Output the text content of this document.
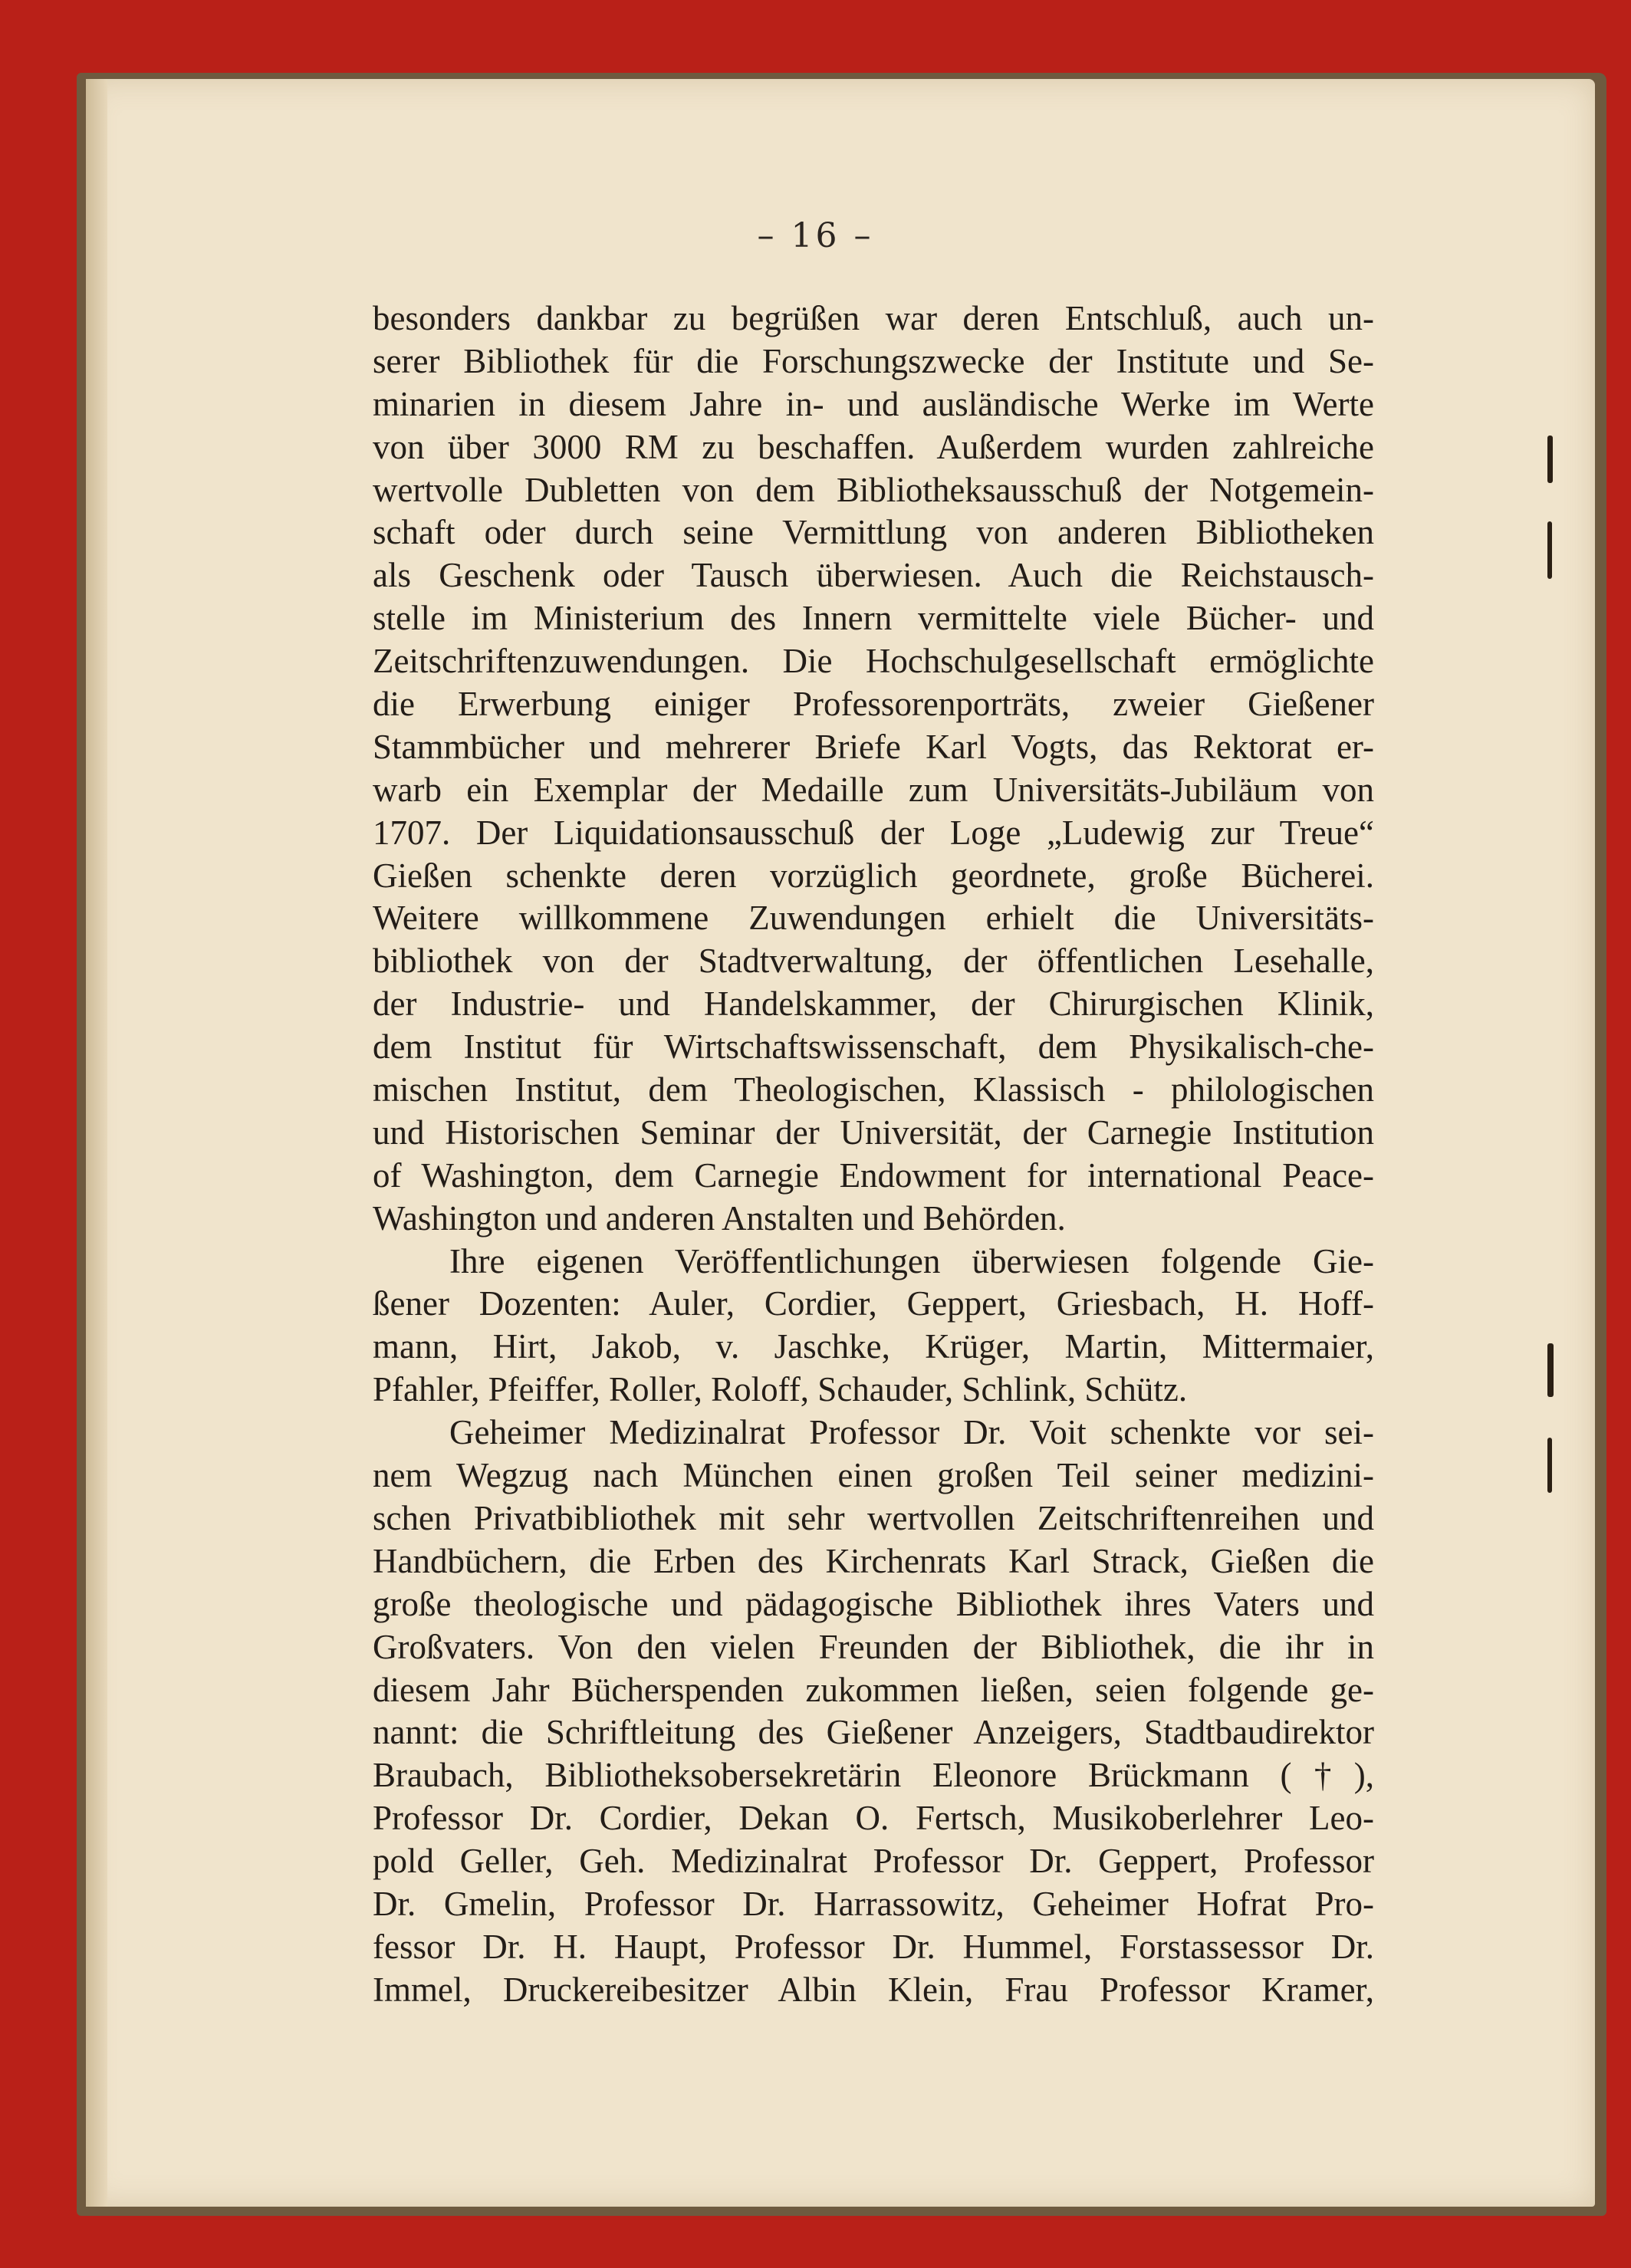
– 16 –
besonders dankbar zu begrüßen war deren Entschluß, auch un-
serer Bibliothek für die Forschungszwecke der Institute und Se-
minarien in diesem Jahre in- und ausländische Werke im Werte
von über 3000 RM zu beschaffen. Außerdem wurden zahlreiche
wertvolle Dubletten von dem Bibliotheksausschuß der Notgemein-
schaft oder durch seine Vermittlung von anderen Bibliotheken
als Geschenk oder Tausch überwiesen. Auch die Reichstausch-
stelle im Ministerium des Innern vermittelte viele Bücher- und
Zeitschriftenzuwendungen. Die Hochschulgesellschaft ermöglichte
die Erwerbung einiger Professorenporträts, zweier Gießener
Stammbücher und mehrerer Briefe Karl Vogts, das Rektorat er-
warb ein Exemplar der Medaille zum Universitäts-Jubiläum von
1707. Der Liquidationsausschuß der Loge „Ludewig zur Treue“
Gießen schenkte deren vorzüglich geordnete, große Bücherei.
Weitere willkommene Zuwendungen erhielt die Universitäts-
bibliothek von der Stadtverwaltung, der öffentlichen Lesehalle,
der Industrie- und Handelskammer, der Chirurgischen Klinik,
dem Institut für Wirtschaftswissenschaft, dem Physikalisch-che-
mischen Institut, dem Theologischen, Klassisch - philologischen
und Historischen Seminar der Universität, der Carnegie Institution
of Washington, dem Carnegie Endowment for international Peace-
Washington und anderen Anstalten und Behörden.
Ihre eigenen Veröffentlichungen überwiesen folgende Gie-
ßener Dozenten: Auler, Cordier, Geppert, Griesbach, H. Hoff-
mann, Hirt, Jakob, v. Jaschke, Krüger, Martin, Mittermaier,
Pfahler, Pfeiffer, Roller, Roloff, Schauder, Schlink, Schütz.
Geheimer Medizinalrat Professor Dr. Voit schenkte vor sei-
nem Wegzug nach München einen großen Teil seiner medizini-
schen Privatbibliothek mit sehr wertvollen Zeitschriftenreihen und
Handbüchern, die Erben des Kirchenrats Karl Strack, Gießen die
große theologische und pädagogische Bibliothek ihres Vaters und
Großvaters. Von den vielen Freunden der Bibliothek, die ihr in
diesem Jahr Bücherspenden zukommen ließen, seien folgende ge-
nannt: die Schriftleitung des Gießener Anzeigers, Stadtbaudirektor
Braubach, Bibliotheksobersekretärin Eleonore Brückmann (†),
Professor Dr. Cordier, Dekan O. Fertsch, Musikoberlehrer Leo-
pold Geller, Geh. Medizinalrat Professor Dr. Geppert, Professor
Dr. Gmelin, Professor Dr. Harrassowitz, Geheimer Hofrat Pro-
fessor Dr. H. Haupt, Professor Dr. Hummel, Forstassessor Dr.
Immel, Druckereibesitzer Albin Klein, Frau Professor Kramer,
